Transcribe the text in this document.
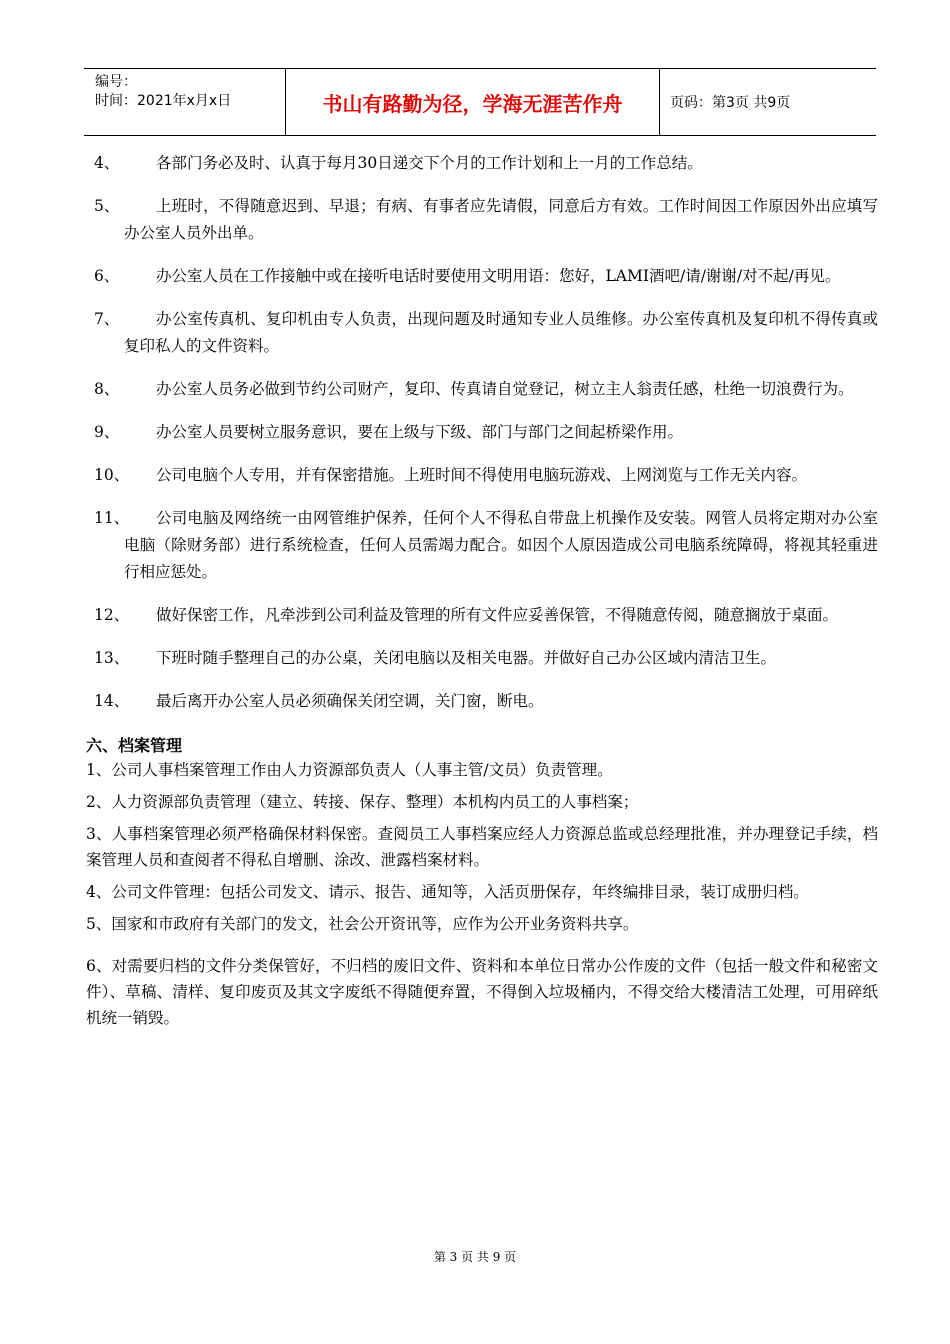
编号：
时间：2021年x月x日	书山有路勤为径，学海无涯苦作舟	页码：第3页 共9页
4、	各部门务必及时、认真于每月30日递交下个月的工作计划和上一月的工作总结。
5、	上班时，不得随意迟到、早退；有病、有事者应先请假，同意后方有效。工作时间因工作原因外出应填写办公室人员外出单。
6、	办公室人员在工作接触中或在接听电话时要使用文明用语：您好，LAMI酒吧/请/谢谢/对不起/再见。
7、	办公室传真机、复印机由专人负责，出现问题及时通知专业人员维修。办公室传真机及复印机不得传真或复印私人的文件资料。
8、	办公室人员务必做到节约公司财产，复印、传真请自觉登记，树立主人翁责任感，杜绝一切浪费行为。
9、	办公室人员要树立服务意识，要在上级与下级、部门与部门之间起桥梁作用。
10、	公司电脑个人专用，并有保密措施。上班时间不得使用电脑玩游戏、上网浏览与工作无关内容。
11、	公司电脑及网络统一由网管维护保养，任何个人不得私自带盘上机操作及安装。网管人员将定期对办公室电脑（除财务部）进行系统检查，任何人员需竭力配合。如因个人原因造成公司电脑系统障碍，将视其轻重进行相应惩处。
12、	做好保密工作，凡牵涉到公司利益及管理的所有文件应妥善保管，不得随意传阅，随意搁放于桌面。
13、	下班时随手整理自己的办公桌，关闭电脑以及相关电器。并做好自己办公区域内清洁卫生。
14、	最后离开办公室人员必须确保关闭空调，关门窗，断电。
六、档案管理
1、公司人事档案管理工作由人力资源部负责人（人事主管/文员）负责管理。
2、人力资源部负责管理（建立、转接、保存、整理）本机构内员工的人事档案；
3、人事档案管理必须严格确保材料保密。查阅员工人事档案应经人力资源总监或总经理批准，并办理登记手续，档案管理人员和查阅者不得私自增删、涂改、泄露档案材料。
4、公司文件管理：包括公司发文、请示、报告、通知等，入活页册保存，年终编排目录，装订成册归档。
5、国家和市政府有关部门的发文，社会公开资讯等，应作为公开业务资料共享。
6、对需要归档的文件分类保管好，不归档的废旧文件、资料和本单位日常办公作废的文件（包括一般文件和秘密文件）、草稿、清样、复印废页及其文字废纸不得随便弃置，不得倒入垃圾桶内，不得交给大楼清洁工处理，可用碎纸机统一销毁。
第 3 页 共 9 页
